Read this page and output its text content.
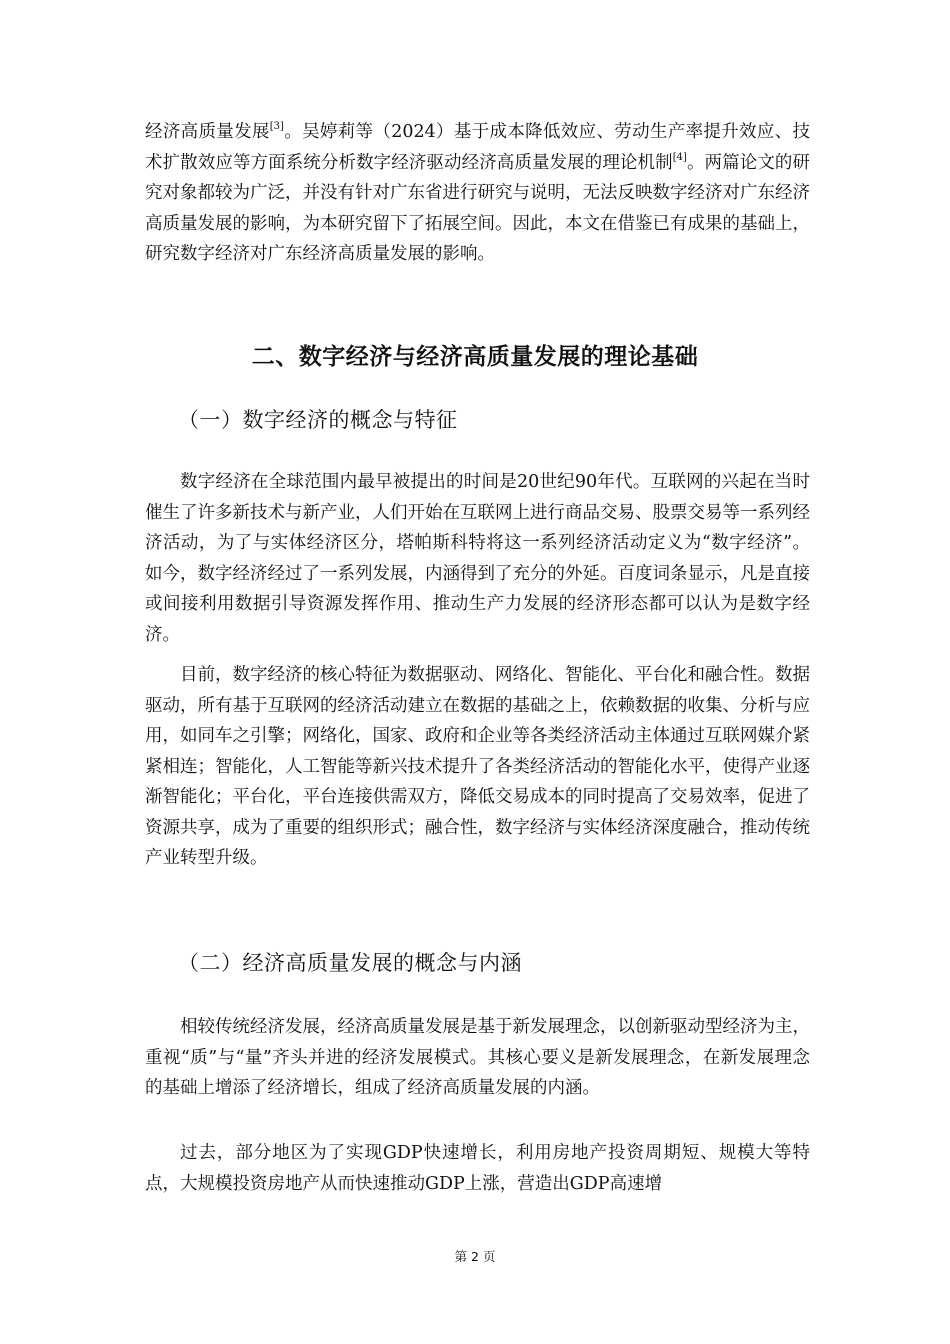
经济高质量发展[3]。吴婷莉等（2024）基于成本降低效应、劳动生产率提升效应、技术扩散效应等方面系统分析数字经济驱动经济高质量发展的理论机制[4]。两篇论文的研究对象都较为广泛，并没有针对广东省进行研究与说明，无法反映数字经济对广东经济高质量发展的影响，为本研究留下了拓展空间。因此，本文在借鉴已有成果的基础上，研究数字经济对广东经济高质量发展的影响。

二、数字经济与经济高质量发展的理论基础
（一）数字经济的概念与特征

数字经济在全球范围内最早被提出的时间是20世纪90年代。互联网的兴起在当时催生了许多新技术与新产业，人们开始在互联网上进行商品交易、股票交易等一系列经济活动，为了与实体经济区分，塔帕斯科特将这一系列经济活动定义为“数字经济”。如今，数字经济经过了一系列发展，内涵得到了充分的外延。百度词条显示，凡是直接或间接利用数据引导资源发挥作用、推动生产力发展的经济形态都可以认为是数字经济。

目前，数字经济的核心特征为数据驱动、网络化、智能化、平台化和融合性。数据驱动，所有基于互联网的经济活动建立在数据的基础之上，依赖数据的收集、分析与应用，如同车之引擎；网络化，国家、政府和企业等各类经济活动主体通过互联网媒介紧紧相连；智能化，人工智能等新兴技术提升了各类经济活动的智能化水平，使得产业逐渐智能化；平台化，平台连接供需双方，降低交易成本的同时提高了交易效率，促进了资源共享，成为了重要的组织形式；融合性，数字经济与实体经济深度融合，推动传统产业转型升级。

（二）经济高质量发展的概念与内涵

相较传统经济发展，经济高质量发展是基于新发展理念，以创新驱动型经济为主，重视“质”与“量”齐头并进的经济发展模式。其核心要义是新发展理念，在新发展理念的基础上增添了经济增长，组成了经济高质量发展的内涵。

过去，部分地区为了实现GDP快速增长，利用房地产投资周期短、规模大等特点，大规模投资房地产从而快速推动GDP上涨，营造出GDP高速增

第 2 页
